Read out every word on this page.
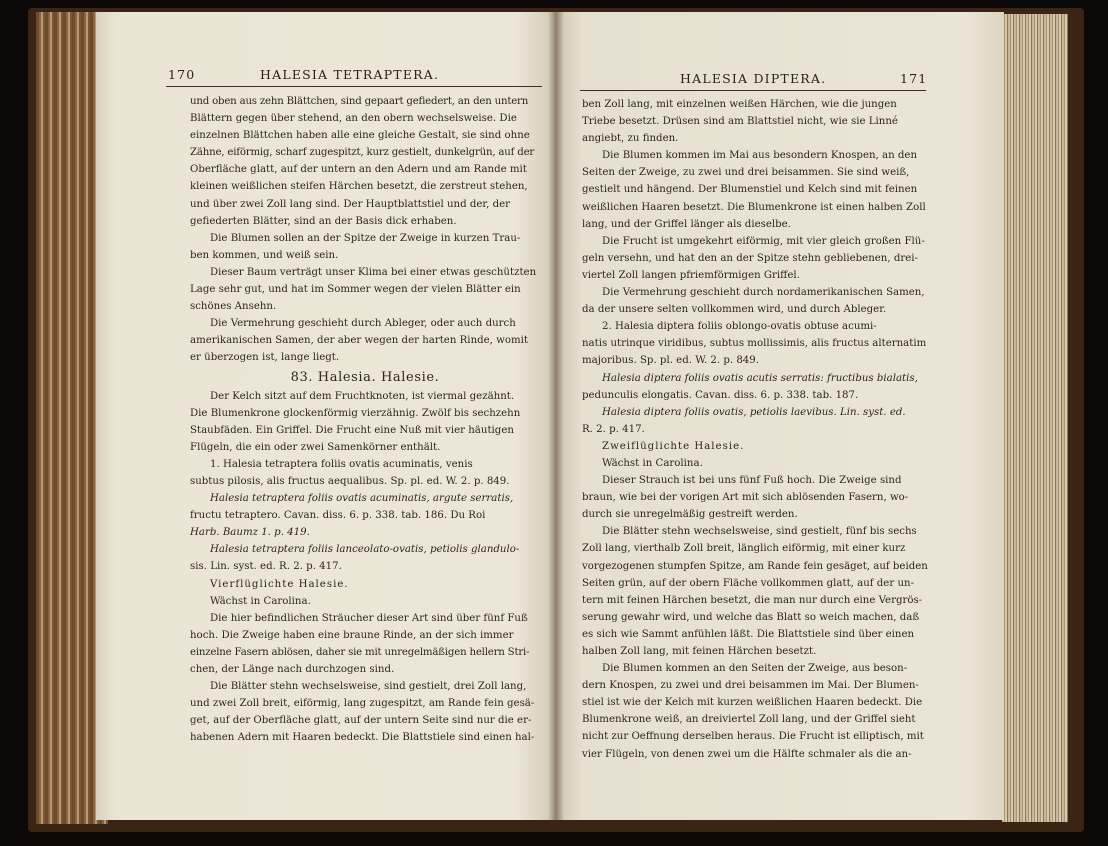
170	HALESIA TETRAPTERA.	HALESIA DIPTERA.	171
und oben aus zehn Blättchen, sind gepaart gefiedert, an den untern
Blättern gegen über stehend, an den obern wechselsweise. Die
einzelnen Blättchen haben alle eine gleiche Gestalt, sie sind ohne
Zähne, eiförmig, scharf zugespitzt, kurz gestielt, dunkelgrün, auf der
Oberfläche glatt, auf der untern an den Adern und am Rande mit
kleinen weißlichen steifen Härchen besetzt, die zerstreut stehen,
und über zwei Zoll lang sind. Der Hauptblattstiel und der, der
gefiederten Blätter, sind an der Basis dick erhaben.
Die Blumen sollen an der Spitze der Zweige in kurzen Trau-
ben kommen, und weiß sein.
Dieser Baum verträgt unser Klima bei einer etwas geschützten
Lage sehr gut, und hat im Sommer wegen der vielen Blätter ein
schönes Ansehn.
Die Vermehrung geschieht durch Ableger, oder auch durch
amerikanischen Samen, der aber wegen der harten Rinde, womit
er überzogen ist, lange liegt.
83. Halesia. Halesie.
Der Kelch sitzt auf dem Fruchtknoten, ist viermal gezähnt.
Die Blumenkrone glockenförmig vierzähnig. Zwölf bis sechzehn
Staubfäden. Ein Griffel. Die Frucht eine Nuß mit vier häutigen
Flügeln, die ein oder zwei Samenkörner enthält.
1. Halesia tetraptera foliis ovatis acuminatis, venis
subtus pilosis, alis fructus aequalibus. Sp. pl. ed. W. 2. p. 849.
Halesia tetraptera foliis ovatis acuminatis, argute serratis,
fructu tetraptero. Cavan. diss. 6. p. 338. tab. 186. Du Roi
Harb. Baumz 1. p. 419.
Halesia tetraptera foliis lanceolato-ovatis, petiolis glandulo-
sis. Lin. syst. ed. R. 2. p. 417.
Vierflüglichte Halesie.
Wächst in Carolina.
Die hier befindlichen Sträucher dieser Art sind über fünf Fuß
hoch. Die Zweige haben eine braune Rinde, an der sich immer
einzelne Fasern ablösen, daher sie mit unregelmäßigen hellern Stri-
chen, der Länge nach durchzogen sind.
Die Blätter stehn wechselsweise, sind gestielt, drei Zoll lang,
und zwei Zoll breit, eiförmig, lang zugespitzt, am Rande fein gesä-
get, auf der Oberfläche glatt, auf der untern Seite sind nur die er-
habenen Adern mit Haaren bedeckt. Die Blattstiele sind einen hal-
ben Zoll lang, mit einzelnen weißen Härchen, wie die jungen
Triebe besetzt. Drüsen sind am Blattstiel nicht, wie sie Linné
angiebt, zu finden.
Die Blumen kommen im Mai aus besondern Knospen, an den
Seiten der Zweige, zu zwei und drei beisammen. Sie sind weiß,
gestielt und hängend. Der Blumenstiel und Kelch sind mit feinen
weißlichen Haaren besetzt. Die Blumenkrone ist einen halben Zoll
lang, und der Griffel länger als dieselbe.
Die Frucht ist umgekehrt eiförmig, mit vier gleich großen Flü-
geln versehn, und hat den an der Spitze stehn gebliebenen, drei-
viertel Zoll langen pfriemförmigen Griffel.
Die Vermehrung geschieht durch nordamerikanischen Samen,
da der unsere selten vollkommen wird, und durch Ableger.
2. Halesia diptera foliis oblongo-ovatis obtuse acumi-
natis utrinque viridibus, subtus mollissimis, alis fructus alternatim
majoribus. Sp. pl. ed. W. 2. p. 849.
Halesia diptera foliis ovatis acutis serratis: fructibus bialatis,
pedunculis elongatis. Cavan. diss. 6. p. 338. tab. 187.
Halesia diptera foliis ovatis, petiolis laevibus. Lin. syst. ed.
R. 2. p. 417.
Zweiflüglichte Halesie.
Wächst in Carolina.
Dieser Strauch ist bei uns fünf Fuß hoch. Die Zweige sind
braun, wie bei der vorigen Art mit sich ablösenden Fasern, wo-
durch sie unregelmäßig gestreift werden.
Die Blätter stehn wechselsweise, sind gestielt, fünf bis sechs
Zoll lang, vierthalb Zoll breit, länglich eiförmig, mit einer kurz
vorgezogenen stumpfen Spitze, am Rande fein gesäget, auf beiden
Seiten grün, auf der obern Fläche vollkommen glatt, auf der un-
tern mit feinen Härchen besetzt, die man nur durch eine Vergrös-
serung gewahr wird, und welche das Blatt so weich machen, daß
es sich wie Sammt anfühlen läßt. Die Blattstiele sind über einen
halben Zoll lang, mit feinen Härchen besetzt.
Die Blumen kommen an den Seiten der Zweige, aus beson-
dern Knospen, zu zwei und drei beisammen im Mai. Der Blumen-
stiel ist wie der Kelch mit kurzen weißlichen Haaren bedeckt. Die
Blumenkrone weiß, an dreiviertel Zoll lang, und der Griffel sieht
nicht zur Oeffnung derselben heraus. Die Frucht ist elliptisch, mit
vier Flügeln, von denen zwei um die Hälfte schmaler als die an-
